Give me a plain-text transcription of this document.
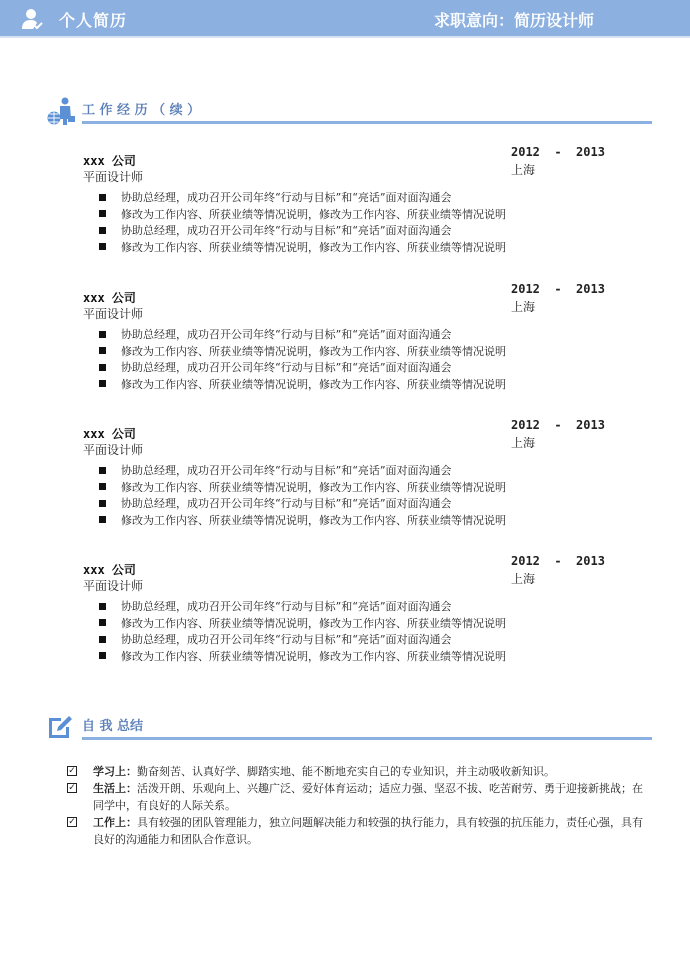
个人简历	求职意向：简历设计师
工 作 经 历 （ 续 ）
xxx 公司
平面设计师
2012  -  2013
上海
协助总经理，成功召开公司年终“行动与目标”和“亮话”面对面沟通会
修改为工作内容、所获业绩等情况说明，修改为工作内容、所获业绩等情况说明
协助总经理，成功召开公司年终“行动与目标”和“亮话”面对面沟通会
修改为工作内容、所获业绩等情况说明，修改为工作内容、所获业绩等情况说明
xxx 公司
平面设计师
2012  -  2013
上海
协助总经理，成功召开公司年终“行动与目标”和“亮话”面对面沟通会
修改为工作内容、所获业绩等情况说明，修改为工作内容、所获业绩等情况说明
协助总经理，成功召开公司年终“行动与目标”和“亮话”面对面沟通会
修改为工作内容、所获业绩等情况说明，修改为工作内容、所获业绩等情况说明
xxx 公司
平面设计师
2012  -  2013
上海
协助总经理，成功召开公司年终“行动与目标”和“亮话”面对面沟通会
修改为工作内容、所获业绩等情况说明，修改为工作内容、所获业绩等情况说明
协助总经理，成功召开公司年终“行动与目标”和“亮话”面对面沟通会
修改为工作内容、所获业绩等情况说明，修改为工作内容、所获业绩等情况说明
xxx 公司
平面设计师
2012  -  2013
上海
协助总经理，成功召开公司年终“行动与目标”和“亮话”面对面沟通会
修改为工作内容、所获业绩等情况说明，修改为工作内容、所获业绩等情况说明
协助总经理，成功召开公司年终“行动与目标”和“亮话”面对面沟通会
修改为工作内容、所获业绩等情况说明，修改为工作内容、所获业绩等情况说明
自 我 总结
✓ 学习上：勤奋刻苦、认真好学、脚踏实地、能不断地充实自己的专业知识，并主动吸收新知识。
✓ 生活上：活泼开朗、乐观向上、兴趣广泛、爱好体育运动；适应力强、坚忍不拔、吃苦耐劳、勇于迎接新挑战；在同学中，有良好的人际关系。
✓ 工作上：具有较强的团队管理能力，独立问题解决能力和较强的执行能力，具有较强的抗压能力，责任心强，具有良好的沟通能力和团队合作意识。
